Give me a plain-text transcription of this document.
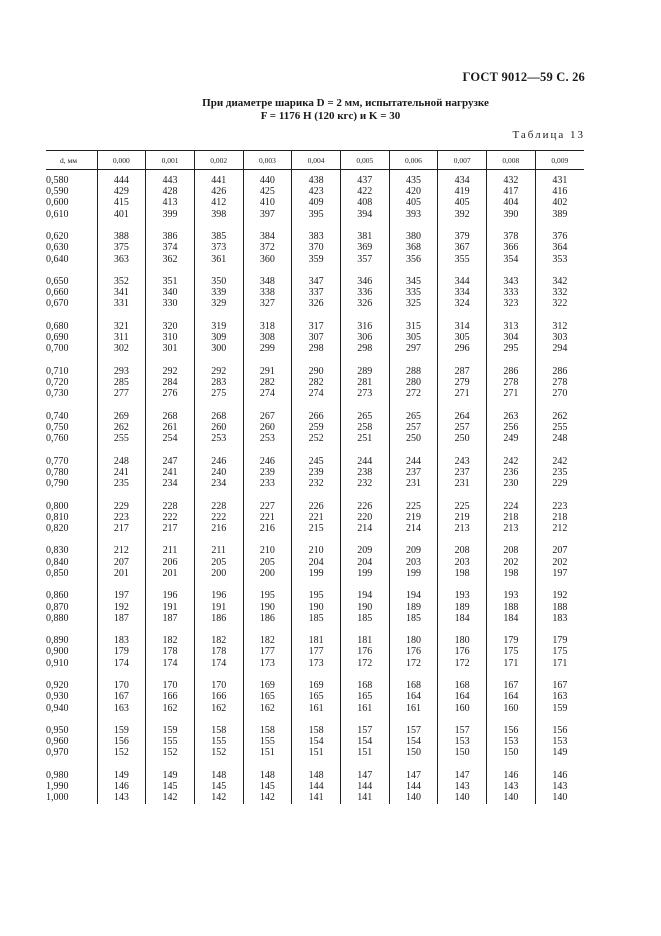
ГОСТ 9012—59 С. 26
При диаметре шарика D = 2 мм, испытательной нагрузке
F = 1176 Н (120 кгс) и K = 30
Таблица 13
d, мм	0,000	0,001	0,002	0,003	0,004	0,005	0,006	0,007	0,008	0,009
0,580	444	443	441	440	438	437	435	434	432	431
0,590	429	428	426	425	423	422	420	419	417	416
0,600	415	413	412	410	409	408	405	405	404	402
0,610	401	399	398	397	395	394	393	392	390	389

0,620	388	386	385	384	383	381	380	379	378	376
0,630	375	374	373	372	370	369	368	367	366	364
0,640	363	362	361	360	359	357	356	355	354	353

0,650	352	351	350	348	347	346	345	344	343	342
0,660	341	340	339	338	337	336	335	334	333	332
0,670	331	330	329	327	326	326	325	324	323	322

0,680	321	320	319	318	317	316	315	314	313	312
0,690	311	310	309	308	307	306	305	305	304	303
0,700	302	301	300	299	298	298	297	296	295	294

0,710	293	292	292	291	290	289	288	287	286	286
0,720	285	284	283	282	282	281	280	279	278	278
0,730	277	276	275	274	274	273	272	271	271	270

0,740	269	268	268	267	266	265	265	264	263	262
0,750	262	261	260	260	259	258	257	257	256	255
0,760	255	254	253	253	252	251	250	250	249	248

0,770	248	247	246	246	245	244	244	243	242	242
0,780	241	241	240	239	239	238	237	237	236	235
0,790	235	234	234	233	232	232	231	231	230	229

0,800	229	228	228	227	226	226	225	225	224	223
0,810	223	222	222	221	221	220	219	219	218	218
0,820	217	217	216	216	215	214	214	213	213	212

0,830	212	211	211	210	210	209	209	208	208	207
0,840	207	206	205	205	204	204	203	203	202	202
0,850	201	201	200	200	199	199	199	198	198	197

0,860	197	196	196	195	195	194	194	193	193	192
0,870	192	191	191	190	190	190	189	189	188	188
0,880	187	187	186	186	185	185	185	184	184	183

0,890	183	182	182	182	181	181	180	180	179	179
0,900	179	178	178	177	177	176	176	176	175	175
0,910	174	174	174	173	173	172	172	172	171	171

0,920	170	170	170	169	169	168	168	168	167	167
0,930	167	166	166	165	165	165	164	164	164	163
0,940	163	162	162	162	161	161	161	160	160	159

0,950	159	159	158	158	158	157	157	157	156	156
0,960	156	155	155	155	154	154	154	153	153	153
0,970	152	152	152	151	151	151	150	150	150	149

0,980	149	149	148	148	148	147	147	147	146	146
1,990	146	145	145	145	144	144	144	143	143	143
1,000	143	142	142	142	141	141	140	140	140	140
